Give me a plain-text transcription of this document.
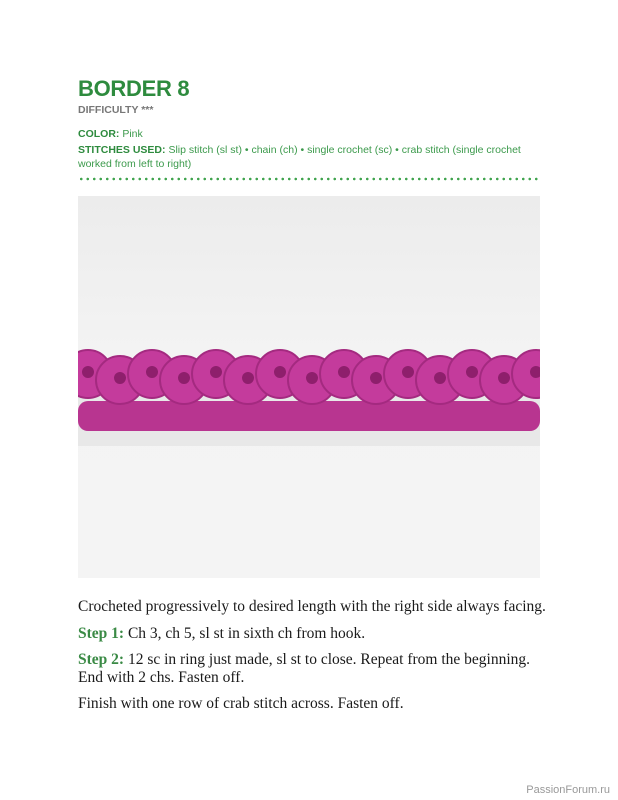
BORDER 8
DIFFICULTY ***
COLOR: Pink
STITCHES USED: Slip stitch (sl st) • chain (ch) • single crochet (sc) • crab stitch (single crochet worked from left to right)
Crocheted progressively to desired length with the right side always facing.
Step 1: Ch 3, ch 5, sl st in sixth ch from hook.
Step 2: 12 sc in ring just made, sl st to close. Repeat from the beginning. End with 2 chs. Fasten off.
Finish with one row of crab stitch across. Fasten off.
PassionForum.ru
